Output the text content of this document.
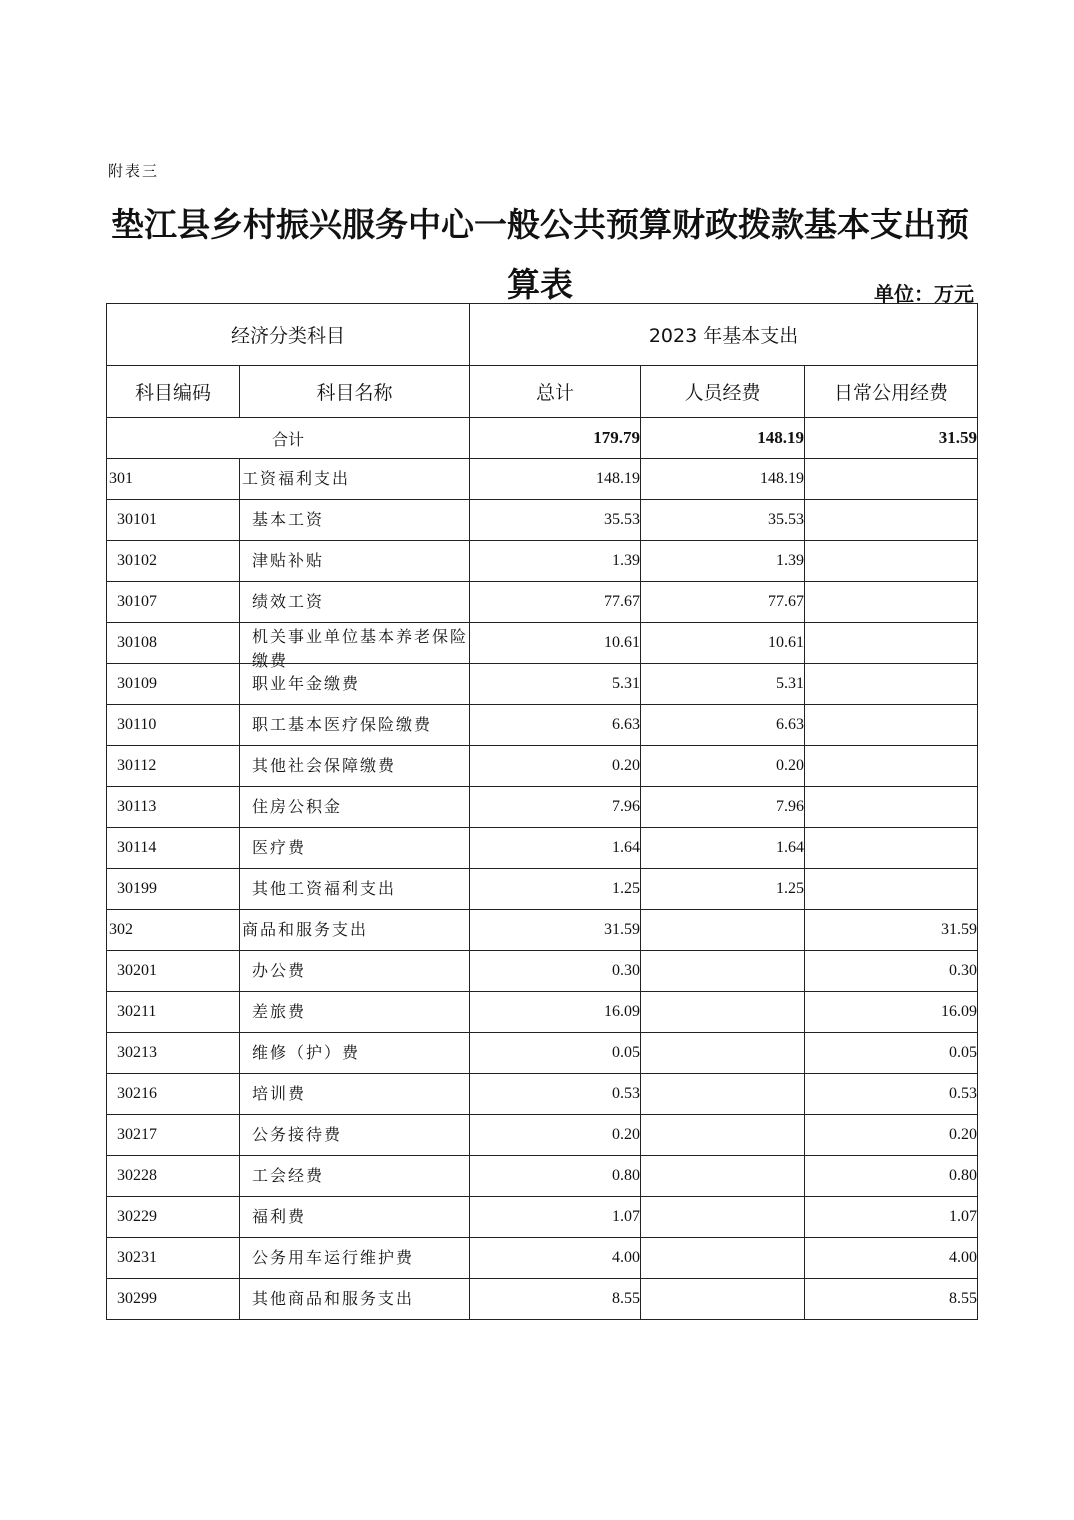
附表三
垫江县乡村振兴服务中心一般公共预算财政拨款基本支出预算表	单位：万元
经济分类科目		2023 年基本支出		
科目编码	科目名称	总计	人员经费	日常公用经费
合计		179.79	148.19	31.59
301	工资福利支出	148.19	148.19	
30101	基本工资	35.53	35.53	
30102	津贴补贴	1.39	1.39	
30107	绩效工资	77.67	77.67	
30108	机关事业单位基本养老保险缴费	10.61	10.61	
30109	职业年金缴费	5.31	5.31	
30110	职工基本医疗保险缴费	6.63	6.63	
30112	其他社会保障缴费	0.20	0.20	
30113	住房公积金	7.96	7.96	
30114	医疗费	1.64	1.64	
30199	其他工资福利支出	1.25	1.25	
302	商品和服务支出	31.59		31.59
30201	办公费	0.30		0.30
30211	差旅费	16.09		16.09
30213	维修（护）费	0.05		0.05
30216	培训费	0.53		0.53
30217	公务接待费	0.20		0.20
30228	工会经费	0.80		0.80
30229	福利费	1.07		1.07
30231	公务用车运行维护费	4.00		4.00
30299	其他商品和服务支出	8.55		8.55
